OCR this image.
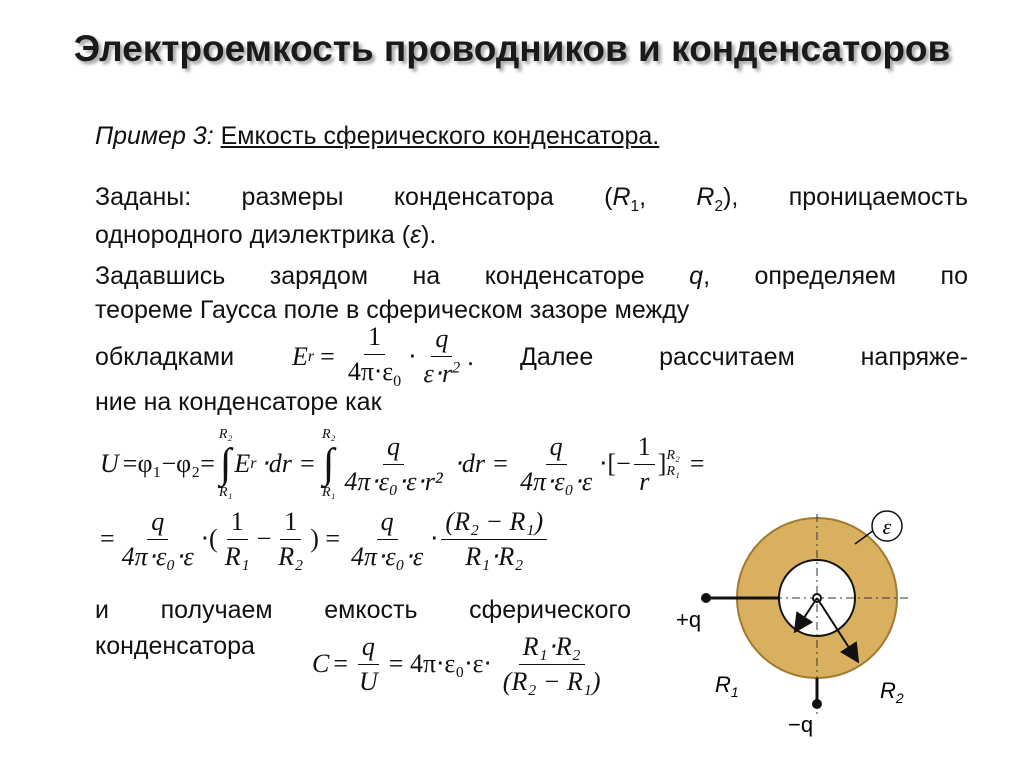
Электроемкость проводников и конденсаторов
Пример 3: Емкость сферического конденсатора.
Заданы: размеры конденсатора ($R_1$, $R_2$), проницаемость
однородного диэлектрика (ε).
Задавшись зарядом на конденсаторе q, определяем по
теореме Гаусса поле в сферическом зазоре между
обкладками E $r = \frac{1}{4\pi\cdot\varepsilon_0} \cdot \frac{q}{\varepsilon\cdot r^2}$ . Далее рассчитаем напряже-
ние на конденсаторе как
U =φ₁−φ₂=
R₂
∫
R₁
E r ⋅dr =
R₂
∫
$R_1 \frac{q}{\text{4π⋅ε₀⋅ε⋅r²}} \cdot dr = \frac{q}{\text{4π⋅ε₀⋅ε}}$ ⋅[− $\frac{1}{r}$ ] R₂
R₁ =
= $\frac{q}{\text{4π⋅ε₀⋅ε}}$ ⋅( $\frac{1}{\text{R₁}} - \frac{1}{\text{R₂}}$ ) = $\frac{q}{\text{4π⋅ε₀⋅ε}} \cdot \frac{\text{(R₂ − R₁)}}{\text{R₁⋅R₂}}$
и получаем емкость сферического
конденсатора
$C = \frac{q}{U} = 4\pi\cdot\varepsilon_0\cdot\varepsilon\cdot \frac{\text{R₁⋅R₂}}{\text{(R₂ − R₁)}}$
ε
+q
−q
$R_1$	$R_2$
